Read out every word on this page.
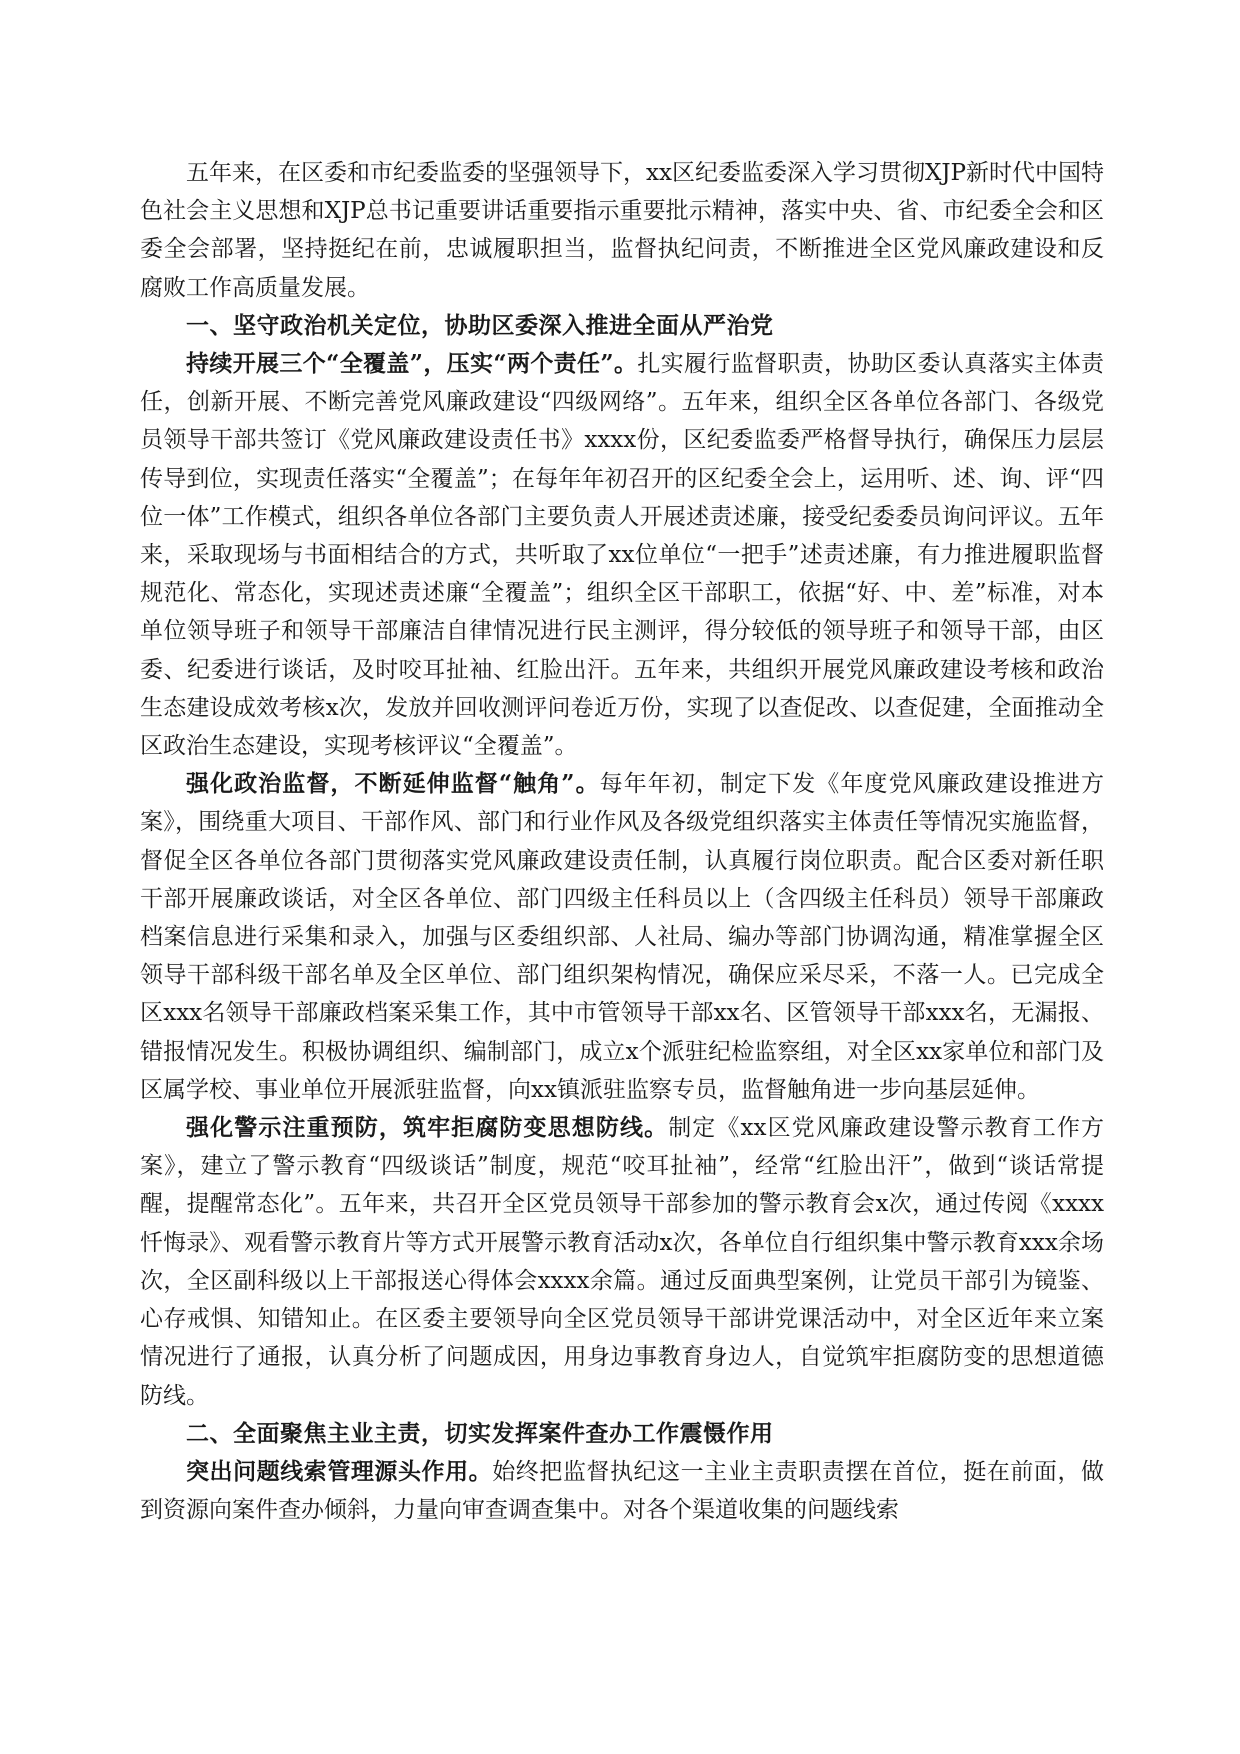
五年来，在区委和市纪委监委的坚强领导下，xx区纪委监委深入学习贯彻XJP新时代中国特色社会主义思想和XJP总书记重要讲话重要指示重要批示精神，落实中央、省、市纪委全会和区委全会部署，坚持挺纪在前，忠诚履职担当，监督执纪问责，不断推进全区党风廉政建设和反腐败工作高质量发展。

一、坚守政治机关定位，协助区委深入推进全面从严治党

持续开展三个“全覆盖”，压实“两个责任”。扎实履行监督职责，协助区委认真落实主体责任，创新开展、不断完善党风廉政建设“四级网络”。五年来，组织全区各单位各部门、各级党员领导干部共签订《党风廉政建设责任书》xxxx份，区纪委监委严格督导执行，确保压力层层传导到位，实现责任落实“全覆盖”；在每年年初召开的区纪委全会上，运用听、述、询、评“四位一体”工作模式，组织各单位各部门主要负责人开展述责述廉，接受纪委委员询问评议。五年来，采取现场与书面相结合的方式，共听取了xx位单位“一把手”述责述廉，有力推进履职监督规范化、常态化，实现述责述廉“全覆盖”；组织全区干部职工，依据“好、中、差”标准，对本单位领导班子和领导干部廉洁自律情况进行民主测评，得分较低的领导班子和领导干部，由区委、纪委进行谈话，及时咬耳扯袖、红脸出汗。五年来，共组织开展党风廉政建设考核和政治生态建设成效考核x次，发放并回收测评问卷近万份，实现了以查促改、以查促建，全面推动全区政治生态建设，实现考核评议“全覆盖”。

强化政治监督，不断延伸监督“触角”。每年年初，制定下发《年度党风廉政建设推进方案》，围绕重大项目、干部作风、部门和行业作风及各级党组织落实主体责任等情况实施监督，督促全区各单位各部门贯彻落实党风廉政建设责任制，认真履行岗位职责。配合区委对新任职干部开展廉政谈话，对全区各单位、部门四级主任科员以上（含四级主任科员）领导干部廉政档案信息进行采集和录入，加强与区委组织部、人社局、编办等部门协调沟通，精准掌握全区领导干部科级干部名单及全区单位、部门组织架构情况，确保应采尽采，不落一人。已完成全区xxx名领导干部廉政档案采集工作，其中市管领导干部xx名、区管领导干部xxx名，无漏报、错报情况发生。积极协调组织、编制部门，成立x个派驻纪检监察组，对全区xx家单位和部门及区属学校、事业单位开展派驻监督，向xx镇派驻监察专员，监督触角进一步向基层延伸。

强化警示注重预防，筑牢拒腐防变思想防线。制定《xx区党风廉政建设警示教育工作方案》，建立了警示教育“四级谈话”制度，规范“咬耳扯袖”，经常“红脸出汗”，做到“谈话常提醒，提醒常态化”。五年来，共召开全区党员领导干部参加的警示教育会x次，通过传阅《xxxx忏悔录》、观看警示教育片等方式开展警示教育活动x次，各单位自行组织集中警示教育xxx余场次，全区副科级以上干部报送心得体会xxxx余篇。通过反面典型案例，让党员干部引为镜鉴、心存戒惧、知错知止。在区委主要领导向全区党员领导干部讲党课活动中，对全区近年来立案情况进行了通报，认真分析了问题成因，用身边事教育身边人，自觉筑牢拒腐防变的思想道德防线。

二、全面聚焦主业主责，切实发挥案件查办工作震慑作用

突出问题线索管理源头作用。始终把监督执纪这一主业主责职责摆在首位，挺在前面，做到资源向案件查办倾斜，力量向审查调查集中。对各个渠道收集的问题线索
